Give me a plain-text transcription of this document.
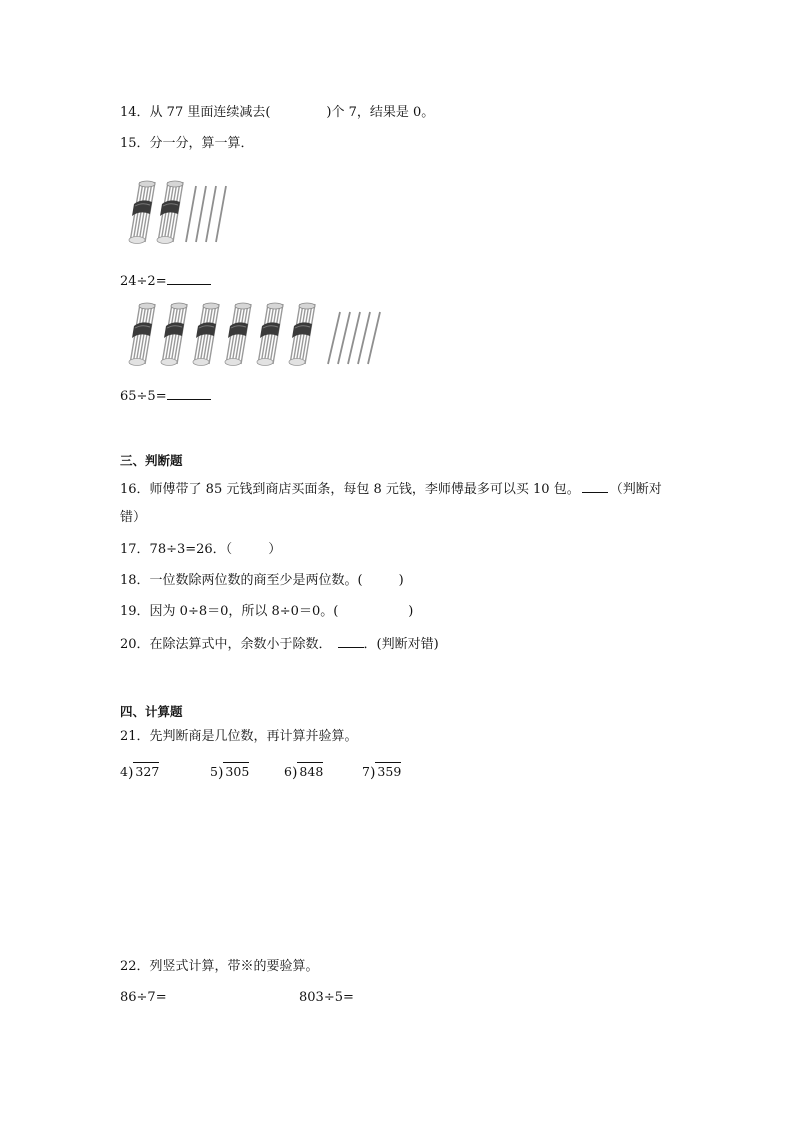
14．从 77 里面连续减去(	)个 7，结果是 0。
15．分一分，算一算．
24÷2=
65÷5=
三、判断题
16．师傅带了 85 元钱到商店买面条，每包 8 元钱，李师傅最多可以买 10 包。 （判断对
错）
17．78÷3=26．（	）
18．一位数除两位数的商至少是两位数。(	)
19．因为 0÷8＝0，所以 8÷0＝0。(	)
20．在除法算式中，余数小于除数． ．(判断对错)
四、计算题
21．先判断商是几位数，再计算并验算。
4) 327	5) 305	6) 848	7) 359
22．列竖式计算，带※的要验算。
86÷7=	803÷5=
